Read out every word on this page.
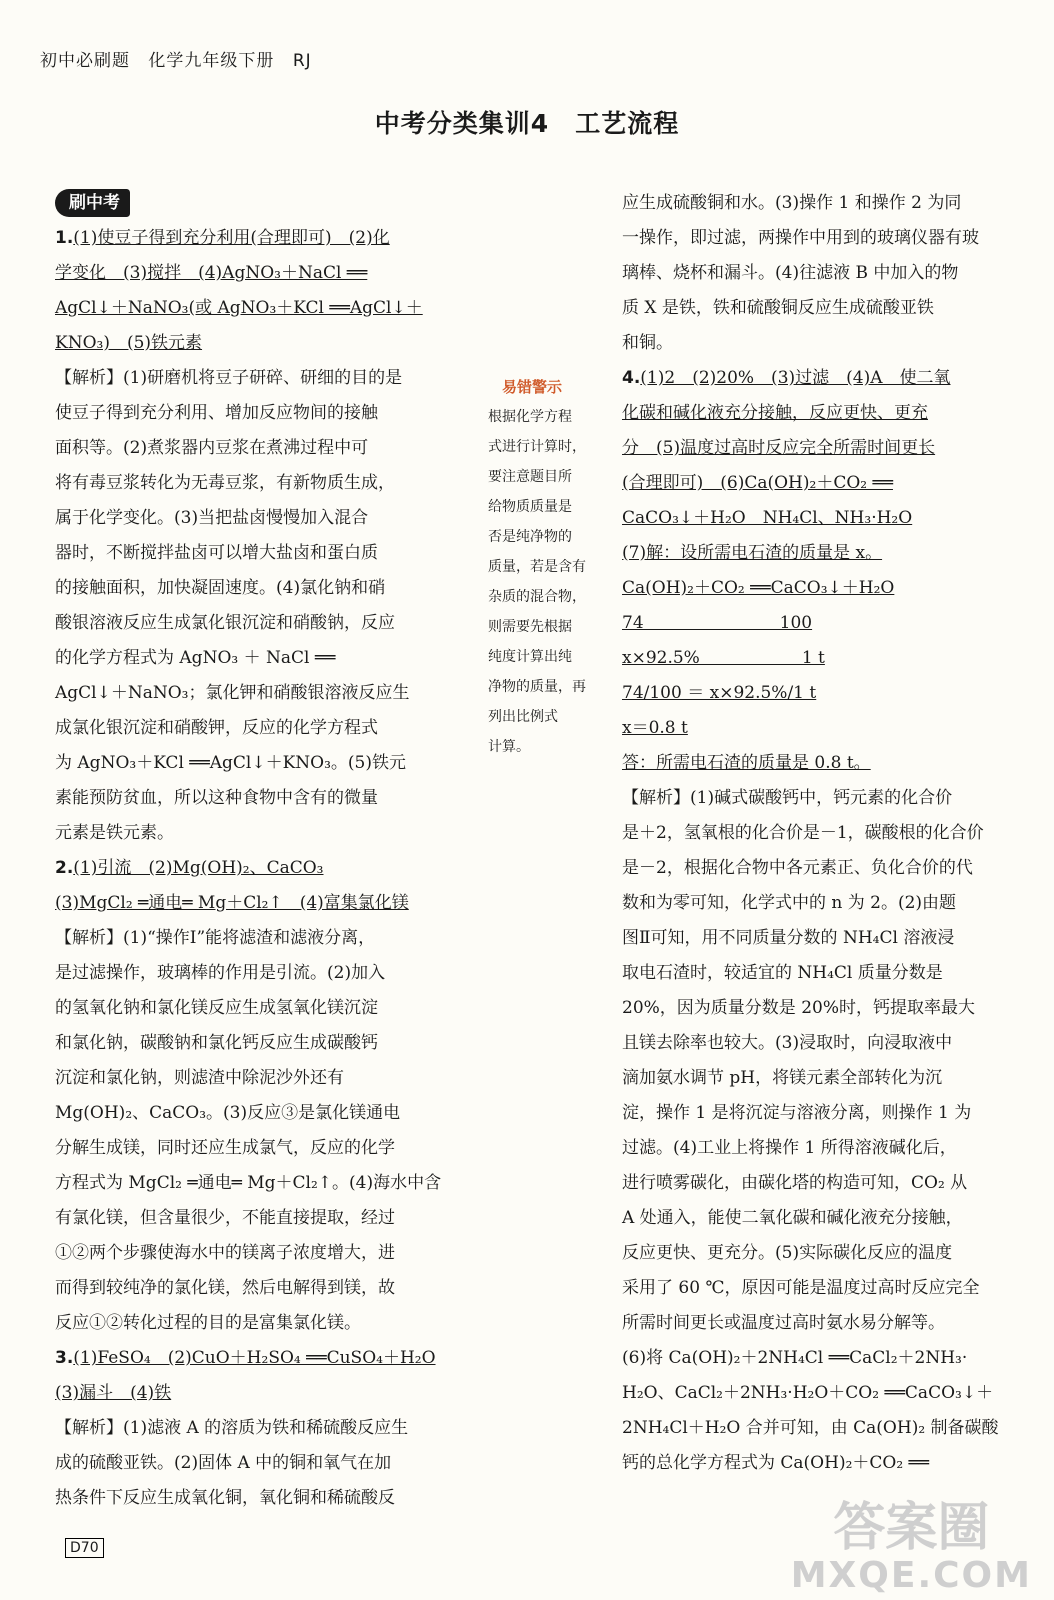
初中必刷题 化学九年级下册 RJ
中考分类集训4　工艺流程
刷中考

1.(1)使豆子得到充分利用(合理即可)　(2)化

学变化　(3)搅拌　(4)AgNO₃＋NaCl ══

AgCl↓＋NaNO₃(或 AgNO₃＋KCl ══AgCl↓＋

KNO₃)　(5)铁元素

【解析】(1)研磨机将豆子研碎、研细的目的是

使豆子得到充分利用、增加反应物间的接触

面积等。(2)煮浆器内豆浆在煮沸过程中可

将有毒豆浆转化为无毒豆浆，有新物质生成，

属于化学变化。(3)当把盐卤慢慢加入混合

器时，不断搅拌盐卤可以增大盐卤和蛋白质

的接触面积，加快凝固速度。(4)氯化钠和硝

酸银溶液反应生成氯化银沉淀和硝酸钠，反应

的化学方程式为 AgNO₃ ＋ NaCl ══

AgCl↓＋NaNO₃；氯化钾和硝酸银溶液反应生

成氯化银沉淀和硝酸钾，反应的化学方程式

为 AgNO₃＋KCl ══AgCl↓＋KNO₃。(5)铁元

素能预防贫血，所以这种食物中含有的微量

元素是铁元素。

2.(1)引流　(2)Mg(OH)₂、CaCO₃

(3)MgCl₂ ═通电═ Mg＋Cl₂↑　(4)富集氯化镁

【解析】(1)“操作Ⅰ”能将滤渣和滤液分离，

是过滤操作，玻璃棒的作用是引流。(2)加入

的氢氧化钠和氯化镁反应生成氢氧化镁沉淀

和氯化钠，碳酸钠和氯化钙反应生成碳酸钙

沉淀和氯化钠，则滤渣中除泥沙外还有

Mg(OH)₂、CaCO₃。(3)反应③是氯化镁通电

分解生成镁，同时还应生成氯气，反应的化学

方程式为 MgCl₂ ═通电═ Mg＋Cl₂↑。(4)海水中含

有氯化镁，但含量很少，不能直接提取，经过

①②两个步骤使海水中的镁离子浓度增大，进

而得到较纯净的氯化镁，然后电解得到镁，故

反应①②转化过程的目的是富集氯化镁。

3.(1)FeSO₄　(2)CuO＋H₂SO₄ ══CuSO₄＋H₂O

(3)漏斗　(4)铁

【解析】(1)滤液 A 的溶质为铁和稀硫酸反应生

成的硫酸亚铁。(2)固体 A 中的铜和氧气在加

热条件下反应生成氧化铜，氧化铜和稀硫酸反

易错警示

根据化学方程

式进行计算时，

要注意题目所

给物质质量是

否是纯净物的

质量，若是含有

杂质的混合物，

则需要先根据

纯度计算出纯

净物的质量，再

列出比例式

计算。

应生成硫酸铜和水。(3)操作 1 和操作 2 为同

一操作，即过滤，两操作中用到的玻璃仪器有玻

璃棒、烧杯和漏斗。(4)往滤液 B 中加入的物

质 X 是铁，铁和硫酸铜反应生成硫酸亚铁

和铜。

4.(1)2　(2)20%　(3)过滤　(4)A　使二氧

化碳和碱化液充分接触，反应更快、更充

分　(5)温度过高时反应完全所需时间更长

(合理即可)　(6)Ca(OH)₂＋CO₂ ══

CaCO₃↓＋H₂O　NH₄Cl、NH₃·H₂O

(7)解：设所需电石渣的质量是 x。

Ca(OH)₂＋CO₂ ══CaCO₃↓＋H₂O

74　　　　　　　　100

x×92.5%　　　　　　1 t

74/100 ＝ x×92.5%/1 t

x＝0.8 t

答：所需电石渣的质量是 0.8 t。

【解析】(1)碱式碳酸钙中，钙元素的化合价

是＋2，氢氧根的化合价是－1，碳酸根的化合价

是－2，根据化合物中各元素正、负化合价的代

数和为零可知，化学式中的 n 为 2。(2)由题

图Ⅱ可知，用不同质量分数的 NH₄Cl 溶液浸

取电石渣时，较适宜的 NH₄Cl 质量分数是

20%，因为质量分数是 20%时，钙提取率最大

且镁去除率也较大。(3)浸取时，向浸取液中

滴加氨水调节 pH，将镁元素全部转化为沉

淀，操作 1 是将沉淀与溶液分离，则操作 1 为

过滤。(4)工业上将操作 1 所得溶液碱化后，

进行喷雾碳化，由碳化塔的构造可知，CO₂ 从

A 处通入，能使二氧化碳和碱化液充分接触，

反应更快、更充分。(5)实际碳化反应的温度

采用了 60 ℃，原因可能是温度过高时反应完全

所需时间更长或温度过高时氨水易分解等。

(6)将 Ca(OH)₂＋2NH₄Cl ══CaCl₂＋2NH₃·

H₂O、CaCl₂＋2NH₃·H₂O＋CO₂ ══CaCO₃↓＋

2NH₄Cl＋H₂O 合并可知，由 Ca(OH)₂ 制备碳酸

钙的总化学方程式为 Ca(OH)₂＋CO₂ ══

D70	答案圈
MXQE.COM
